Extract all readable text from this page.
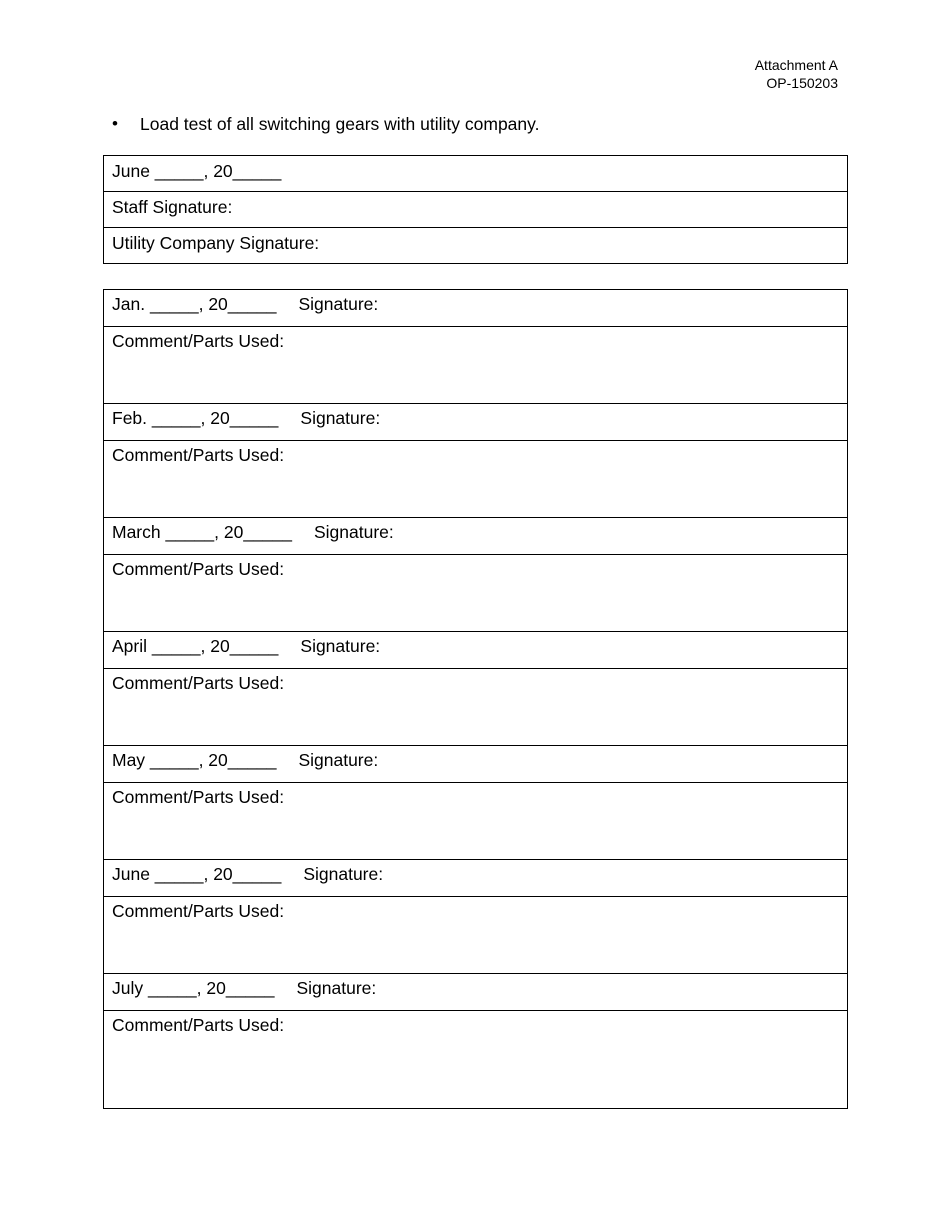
Attachment A
OP-150203
•	Load test of all switching gears with utility company.
June _____, 20_____
Staff Signature:
Utility Company Signature:
Jan. _____, 20_____ Signature:
Comment/Parts Used:
Feb. _____, 20_____ Signature:
Comment/Parts Used:
March _____, 20_____ Signature:
Comment/Parts Used:
April _____, 20_____ Signature:
Comment/Parts Used:
May _____, 20_____ Signature:
Comment/Parts Used:
June _____, 20_____ Signature:
Comment/Parts Used:
July _____, 20_____ Signature:
Comment/Parts Used:
